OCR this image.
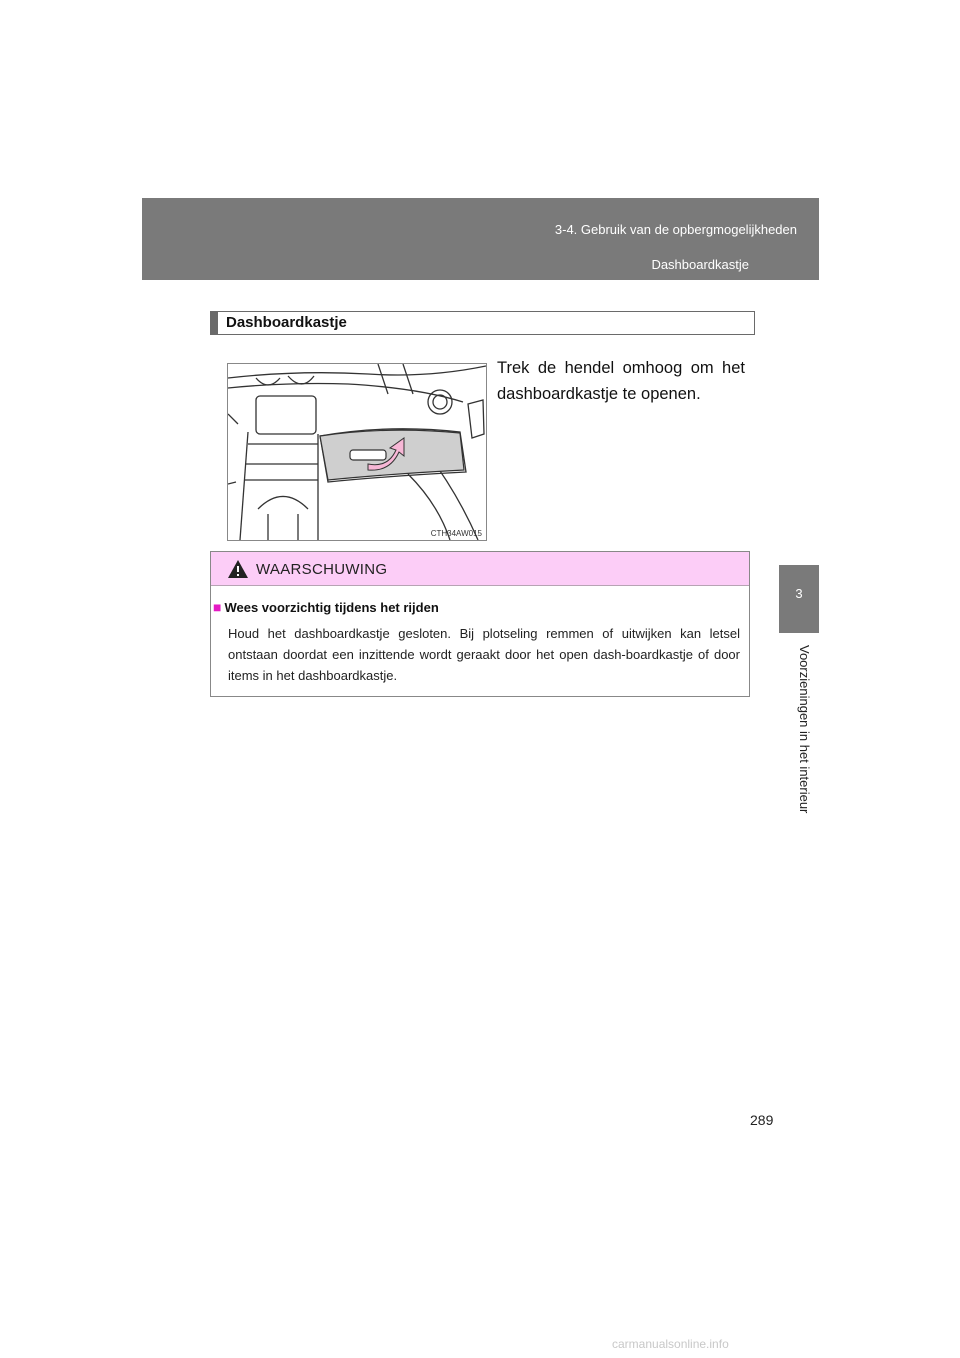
3-4. Gebruik van de opbergmogelijkheden
Dashboardkastje
3
Voorzieningen in het interieur
Dashboardkastje
CTH34AW015
Trek de hendel omhoog om het dashboardkastje te openen.
WAARSCHUWING
■ Wees voorzichtig tijdens het rijden
Houd het dashboardkastje gesloten. Bij plotseling remmen of uitwijken kan letsel ontstaan doordat een inzittende wordt geraakt door het open dash-boardkastje of door items in het dashboardkastje.
289
carmanualsonline.info
